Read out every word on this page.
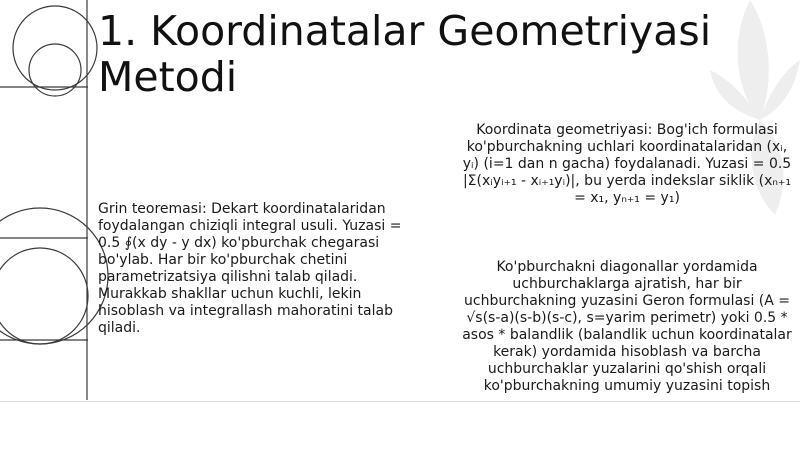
1. Koordinatalar Geometriyasi Metodi
Grin teoremasi: Dekart koordinatalaridan foydalangan chiziqli integral usuli. Yuzasi = 0.5 ∮(x dy - y dx) ko'pburchak chegarasi bo'ylab. Har bir ko'pburchak chetini parametrizatsiya qilishni talab qiladi. Murakkab shakllar uchun kuchli, lekin hisoblash va integrallash mahoratini talab qiladi.
Koordinata geometriyasi: Bog'ich formulasi ko'pburchakning uchlari koordinatalaridan (xᵢ, yᵢ) (i=1 dan n gacha) foydalanadi. Yuzasi = 0.5 |Σ(xᵢyᵢ₊₁ - xᵢ₊₁yᵢ)|, bu yerda indekslar siklik (xₙ₊₁ = x₁, yₙ₊₁ = y₁)
Ko'pburchakni diagonallar yordamida uchburchaklarga ajratish, har bir uchburchakning yuzasini Geron formulasi (A = √s(s-a)(s-b)(s-c), s=yarim perimetr) yoki 0.5 * asos * balandlik (balandlik uchun koordinatalar kerak) yordamida hisoblash va barcha uchburchaklar yuzalarini qo'shish orqali ko'pburchakning umumiy yuzasini topish
